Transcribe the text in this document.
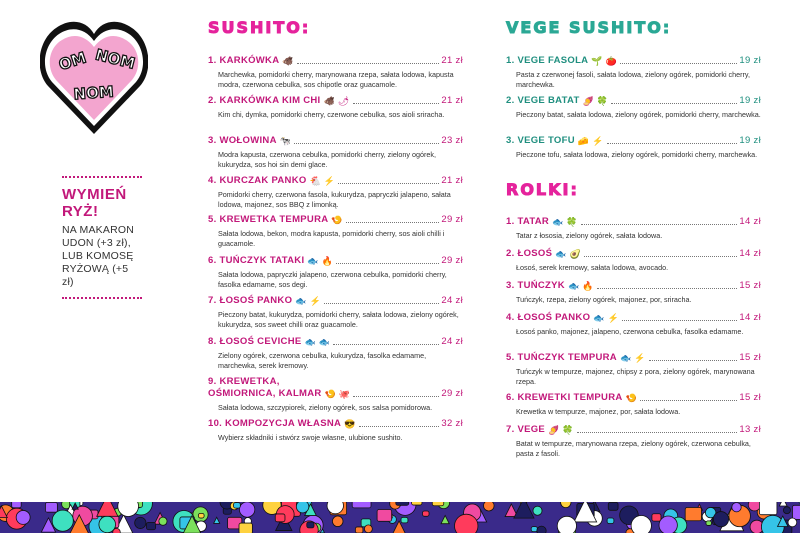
OM NOM
NOM
WYMIEŃ
RYŻ!
NA MAKARON UDON (+3 zł), LUB KOMOSĘ RYŻOWĄ (+5 zł)
SUSHITO:	VEGE SUSHITO:
ROLKI:
1. KARKÓWKA 🐗	21 zł
Marchewka, pomidorki cherry, marynowana rzepa, sałata lodowa, kapusta modra, czerwona cebulka, sos chipotle oraz guacamole.
2. KARKÓWKA KIM CHI 🐗 🌶	21 zł
Kim chi, dymka, pomidorki cherry, czerwone cebulka, sos aioli sriracha.
3. WOŁOWINA 🐄	23 zł
Modra kapusta, czerwona cebulka, pomidorki cherry, zielony ogórek, kukurydza, sos hoi sin demi glace.
4. KURCZAK PANKO 🐔 ⚡	21 zł
Pomidorki cherry, czerwona fasola, kukurydza, papryczki jalapeno, sałata lodowa, majonez, sos BBQ z limonką.
5. KREWETKA TEMPURA 🍤	29 zł
Sałata lodowa, bekon, modra kapusta, pomidorki cherry, sos aioli chilli i guacamole.
6. TUŃCZYK TATAKI 🐟 🔥	29 zł
Sałata lodowa, papryczki jalapeno, czerwona cebulka, pomidorki cherry, fasolka edamame, sos degi.
7. ŁOSOŚ PANKO 🐟 ⚡	24 zł
Pieczony batat, kukurydza, pomidorki cherry, sałata lodowa, zielony ogórek, kukurydza, sos sweet chilli oraz guacamole.
8. ŁOSOŚ CEVICHE 🐟 🐟	24 zł
Zielony ogórek, czerwona cebulka, kukurydza, fasolka edamame, marchewka, serek kremowy.
9. KREWETKA,
OŚMIORNICA, KALMAR 🍤 🐙	29 zł
Sałata lodowa, szczypiorek, zielony ogórek, sos salsa pomidorowa.
10. KOMPOZYCJA WŁASNA 😎	32 zł
Wybierz składniki i stwórz swoje własne, ulubione sushito.
1. VEGE FASOLA 🌱 🍅	19 zł
Pasta z czerwonej fasoli, sałata lodowa, zielony ogórek, pomidorki cherry, marchewka.
2. VEGE BATAT 🍠 🍀	19 zł
Pieczony batat, sałata lodowa, zielony ogórek, pomidorki cherry, marchewka.
3. VEGE TOFU 🧀 ⚡	19 zł
Pieczone tofu, sałata lodowa, zielony ogórek, pomidorki cherry, marchewka.
1. TATAR 🐟 🍀	14 zł
Tatar z łososia, zielony ogórek, sałata lodowa.
2. ŁOSOŚ 🐟 🥑	14 zł
Łosoś, serek kremowy, sałata lodowa, avocado.
3. TUŃCZYK 🐟 🔥	15 zł
Tuńczyk, rzepa, zielony ogórek, majonez, por, sriracha.
4. ŁOSOŚ PANKO 🐟 ⚡	14 zł
Łosoś panko, majonez, jalapeno, czerwona cebulka, fasolka edamame.
5. TUŃCZYK TEMPURA 🐟 ⚡	15 zł
Tuńczyk w tempurze, majonez, chipsy z pora, zielony ogórek, marynowana rzepa.
6. KREWETKI TEMPURA 🍤	15 zł
Krewetka w tempurze, majonez, por, sałata lodowa.
7. VEGE 🍠 🍀	13 zł
Batat w tempurze, marynowana rzepa, zielony ogórek, czerwona cebulka, pasta z fasoli.
